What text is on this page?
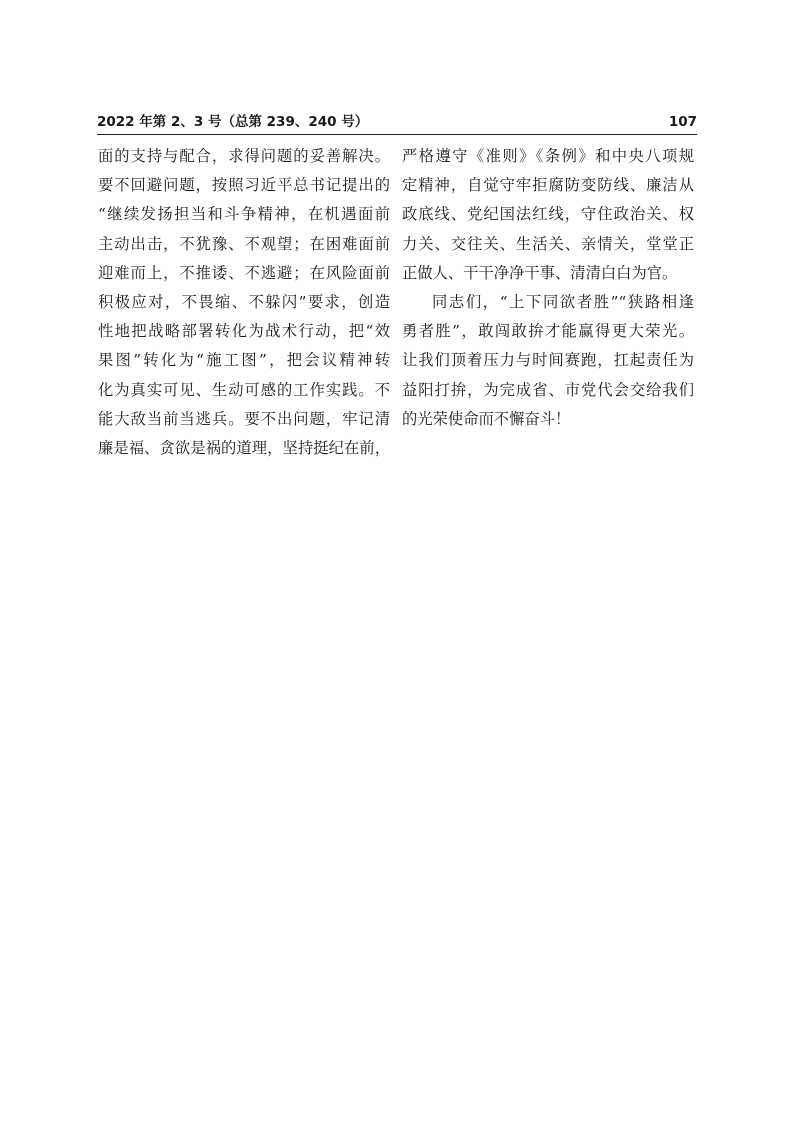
2022 年第 2、3 号（总第 239、240 号）	107
面的支持与配合，求得问题的妥善解决。
要不回避问题，按照习近平总书记提出的
“继续发扬担当和斗争精神，在机遇面前
主动出击，不犹豫、不观望；在困难面前
迎难而上，不推诿、不逃避；在风险面前
积极应对，不畏缩、不躲闪”要求，创造
性地把战略部署转化为战术行动，把“效
果图”转化为“施工图”，把会议精神转
化为真实可见、生动可感的工作实践。不
能大敌当前当逃兵。要不出问题，牢记清
廉是福、贪欲是祸的道理，坚持挺纪在前，
严格遵守《准则》《条例》和中央八项规
定精神，自觉守牢拒腐防变防线、廉洁从
政底线、党纪国法红线，守住政治关、权
力关、交往关、生活关、亲情关，堂堂正
正做人、干干净净干事、清清白白为官。
同志们，“上下同欲者胜”“狭路相逢
勇者胜”，敢闯敢拚才能赢得更大荣光。
让我们顶着压力与时间赛跑，扛起责任为
益阳打拚，为完成省、市党代会交给我们
的光荣使命而不懈奋斗！
